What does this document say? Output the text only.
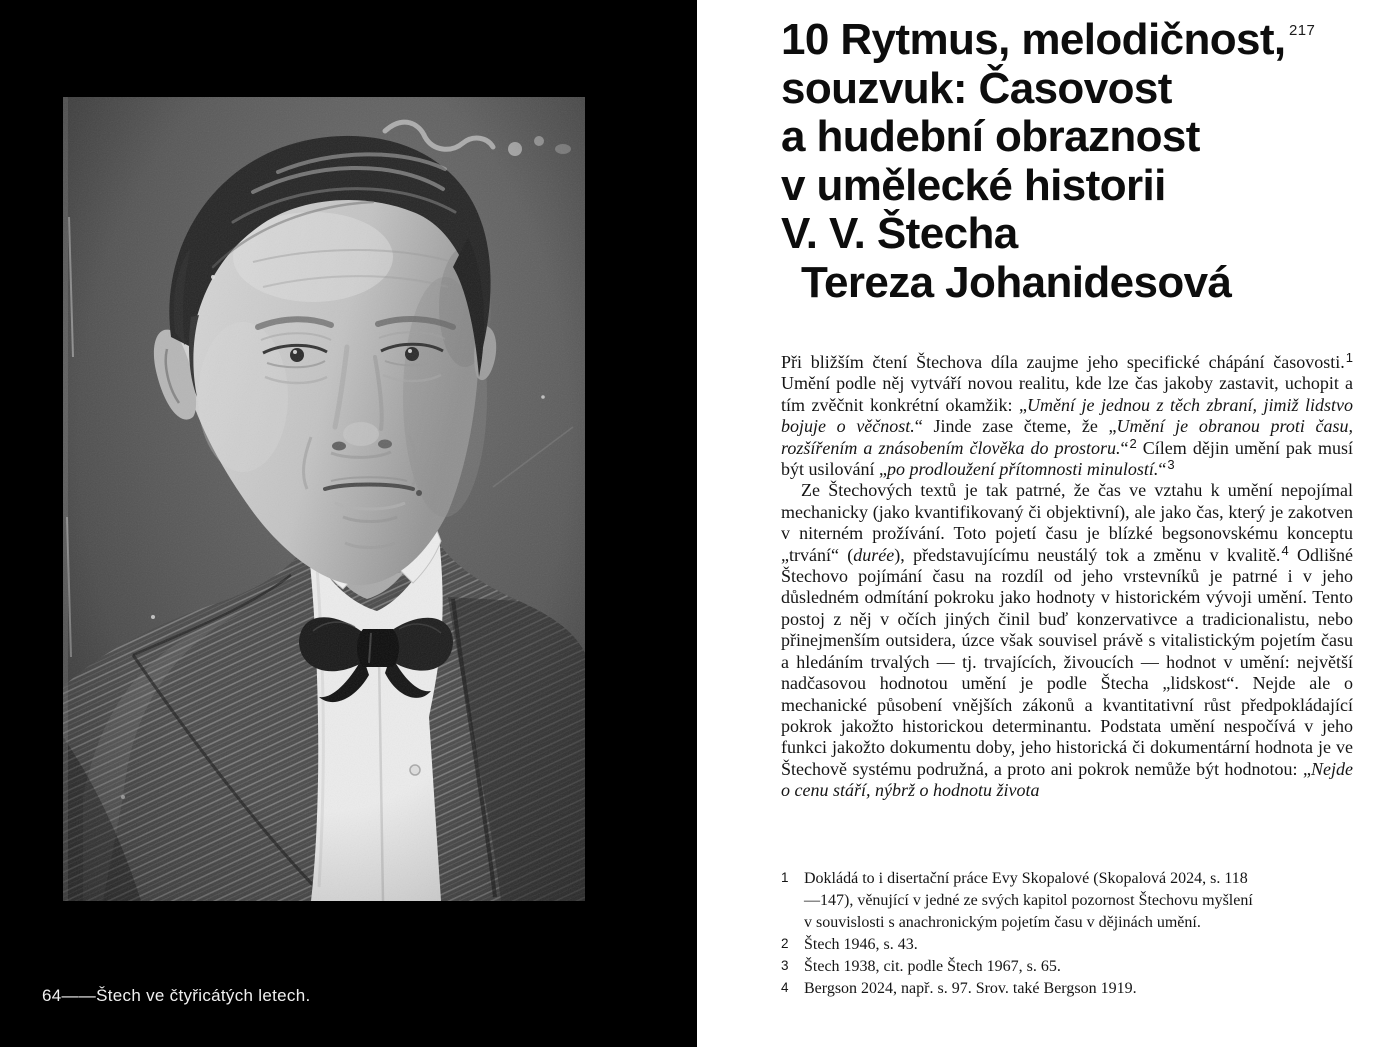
64——Štech ve čtyřicátých letech.
217
10 Rytmus, melodičnost,
souzvuk: Časovost
a hudební obraznost
v umělecké historii
V. V. Štecha
Tereza Johanidesová

Při bližším čtení Štechova díla zaujme jeho specifické chápání časovosti.$^1$ Umění podle něj vytváří novou realitu, kde lze čas jakoby zastavit, uchopit a tím zvěčnit konkrétní okamžik: „Umění je jednou z těch zbraní, jimiž lidstvo bojuje o věčnost.“ Jinde zase čteme, že „Umění je obranou proti času, rozšířením a znásobením člověka do prostoru.“$^2$ Cílem dějin umění pak musí být usilování „po prodloužení přítomnosti minulostí.“$^3$

Ze Štechových textů je tak patrné, že čas ve vztahu k umění nepojímal mechanicky (jako kvantifikovaný či objektivní), ale jako čas, který je zakotven v niterném prožívání. Toto pojetí času je blízké begsonovskému konceptu „trvání“ (durée), představujícímu neustálý tok a změnu v kvalitě.$^4$ Odlišné Štechovo pojímání času na rozdíl od jeho vrstevníků je patrné i v jeho důsledném odmítání pokroku jako hodnoty v historickém vývoji umění. Tento postoj z něj v očích jiných činil buď konzervativce a tradicionalistu, nebo přinejmenším outsidera, úzce však souvisel právě s vitalistickým pojetím času a hledáním trvalých — tj. trvajících, živoucích — hodnot v umění: největší nadčasovou hodnotou umění je podle Štecha „lidskost“. Nejde ale o mechanické působení vnějších zákonů a kvantitativní růst předpokládající pokrok jakožto historickou determinantu. Podstata umění nespočívá v jeho funkci jakožto dokumentu doby, jeho historická či dokumentární hodnota je ve Štechově systému podružná, a proto ani pokrok nemůže být hodnotou: „Nejde o cenu stáří, nýbrž o hodnotu života

1 Dokládá to i disertační práce Evy Skopalové (Skopalová 2024, s. 118—147), věnující v jedné ze svých kapitol pozornost Štechovu myšlení v souvislosti s anachronickým pojetím času v dějinách umění.
2 Štech 1946, s. 43.
3 Štech 1938, cit. podle Štech 1967, s. 65.
4 Bergson 2024, např. s. 97. Srov. také Bergson 1919.
